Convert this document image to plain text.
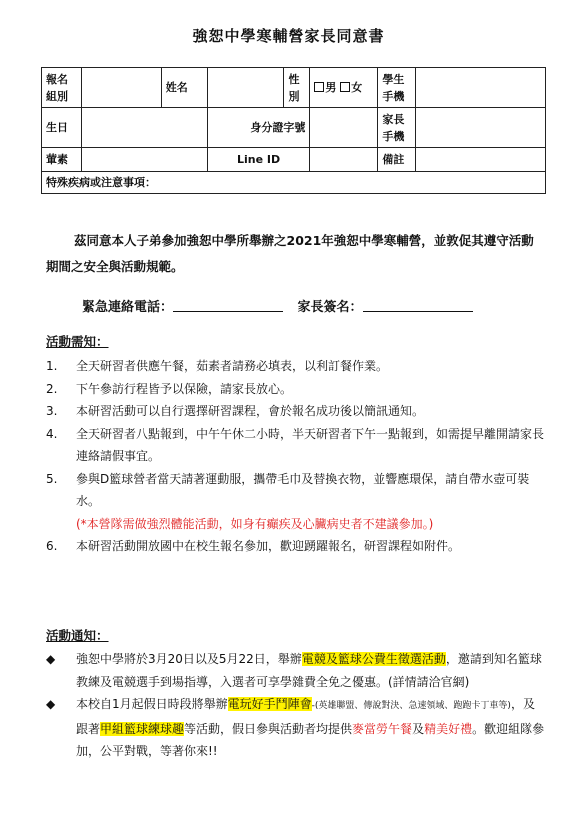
強恕中學寒輔營家長同意書
報名組別		姓名		性別	男 女	學生手機	
生日			身分證字號			家長手機	
葷素			Line ID			備註	
特殊疾病或注意事項：							
茲同意本人子弟參加強恕中學所舉辦之2021年強恕中學寒輔營，並敦促其遵守活動期間之安全與活動規範。
緊急連絡電話：	家長簽名：
活動需知：
1.	全天研習者供應午餐，茹素者請務必填表，以利訂餐作業。
2.	下午參訪行程皆予以保險，請家長放心。
3.	本研習活動可以自行選擇研習課程，會於報名成功後以簡訊通知。
4.	全天研習者八點報到，中午午休二小時，半天研習者下午一點報到，如需提早離開請家長連絡請假事宜。
5.	參與D籃球營者當天請著運動服，攜帶毛巾及替換衣物，並響應環保，請自帶水壺可裝水。
(*本營隊需做強烈體能活動，如身有癲疾及心臟病史者不建議參加。)
6.	本研習活動開放國中在校生報名參加，歡迎踴躍報名，研習課程如附件。
活動通知：
◆	強恕中學將於3月20日以及5月22日，舉辦電競及籃球公費生徵選活動，邀請到知名籃球教練及電競選手到場指導，入選者可享學雜費全免之優惠。(詳情請洽官網)
◆	本校自1月起假日時段將舉辦電玩好手鬥陣會-(英雄聯盟、傳說對決、急速領域、跑跑卡丁車等)，及跟著甲組籃球練球趣等活動，假日參與活動者均提供麥當勞午餐及精美好禮。歡迎組隊參加，公平對戰，等著你來!!
